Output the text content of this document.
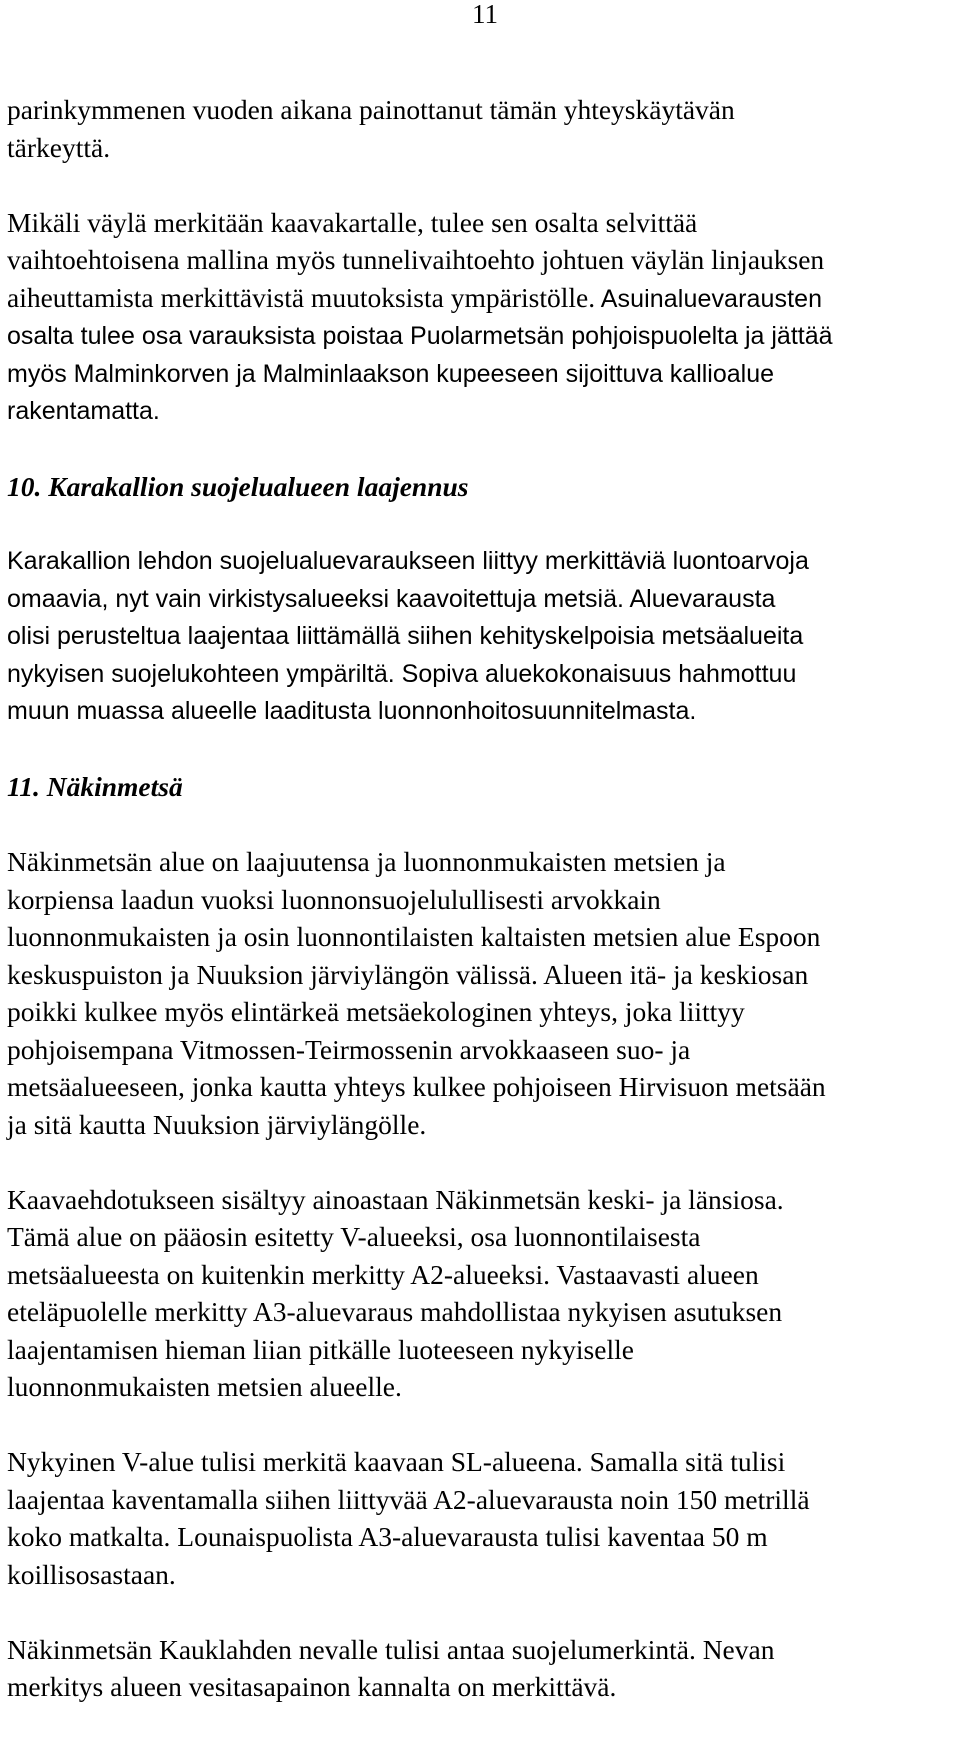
11

parinkymmenen vuoden aikana painottanut tämän yhteyskäytävän
tärkeyttä.

Mikäli väylä merkitään kaavakartalle, tulee sen osalta selvittää
vaihtoehtoisena mallina myös tunnelivaihtoehto johtuen väylän linjauksen
aiheuttamista merkittävistä muutoksista ympäristölle. Asuinaluevarausten
osalta tulee osa varauksista poistaa Puolarmetsän pohjoispuolelta ja jättää
myös Malminkorven ja Malminlaakson kupeeseen sijoittuva kallioalue
rakentamatta.

10. Karakallion suojelualueen laajennus

Karakallion lehdon suojelualuevaraukseen liittyy merkittäviä luontoarvoja
omaavia, nyt vain virkistysalueeksi kaavoitettuja metsiä. Aluevarausta
olisi perusteltua laajentaa liittämällä siihen kehityskelpoisia metsäalueita
nykyisen suojelukohteen ympäriltä. Sopiva aluekokonaisuus hahmottuu
muun muassa alueelle laaditusta luonnonhoitosuunnitelmasta.

11. Näkinmetsä

Näkinmetsän alue on laajuutensa ja luonnonmukaisten metsien ja
korpiensa laadun vuoksi luonnonsuojelulullisesti arvokkain
luonnonmukaisten ja osin luonnontilaisten kaltaisten metsien alue Espoon
keskuspuiston ja Nuuksion järviylängön välissä. Alueen itä- ja keskiosan
poikki kulkee myös elintärkeä metsäekologinen yhteys, joka liittyy
pohjoisempana Vitmossen-Teirmossenin arvokkaaseen suo- ja
metsäalueeseen, jonka kautta yhteys kulkee pohjoiseen Hirvisuon metsään
ja sitä kautta Nuuksion järviylängölle.

Kaavaehdotukseen sisältyy ainoastaan Näkinmetsän keski- ja länsiosa.
Tämä alue on pääosin esitetty V-alueeksi, osa luonnontilaisesta
metsäalueesta on kuitenkin merkitty A2-alueeksi. Vastaavasti alueen
eteläpuolelle merkitty A3-aluevaraus mahdollistaa nykyisen asutuksen
laajentamisen hieman liian pitkälle luoteeseen nykyiselle
luonnonmukaisten metsien alueelle.

Nykyinen V-alue tulisi merkitä kaavaan SL-alueena. Samalla sitä tulisi
laajentaa kaventamalla siihen liittyvää A2-aluevarausta noin 150 metrillä
koko matkalta. Lounaispuolista A3-aluevarausta tulisi kaventaa 50 m
koillisosastaan.

Näkinmetsän Kauklahden nevalle tulisi antaa suojelumerkintä. Nevan
merkitys alueen vesitasapainon kannalta on merkittävä.
